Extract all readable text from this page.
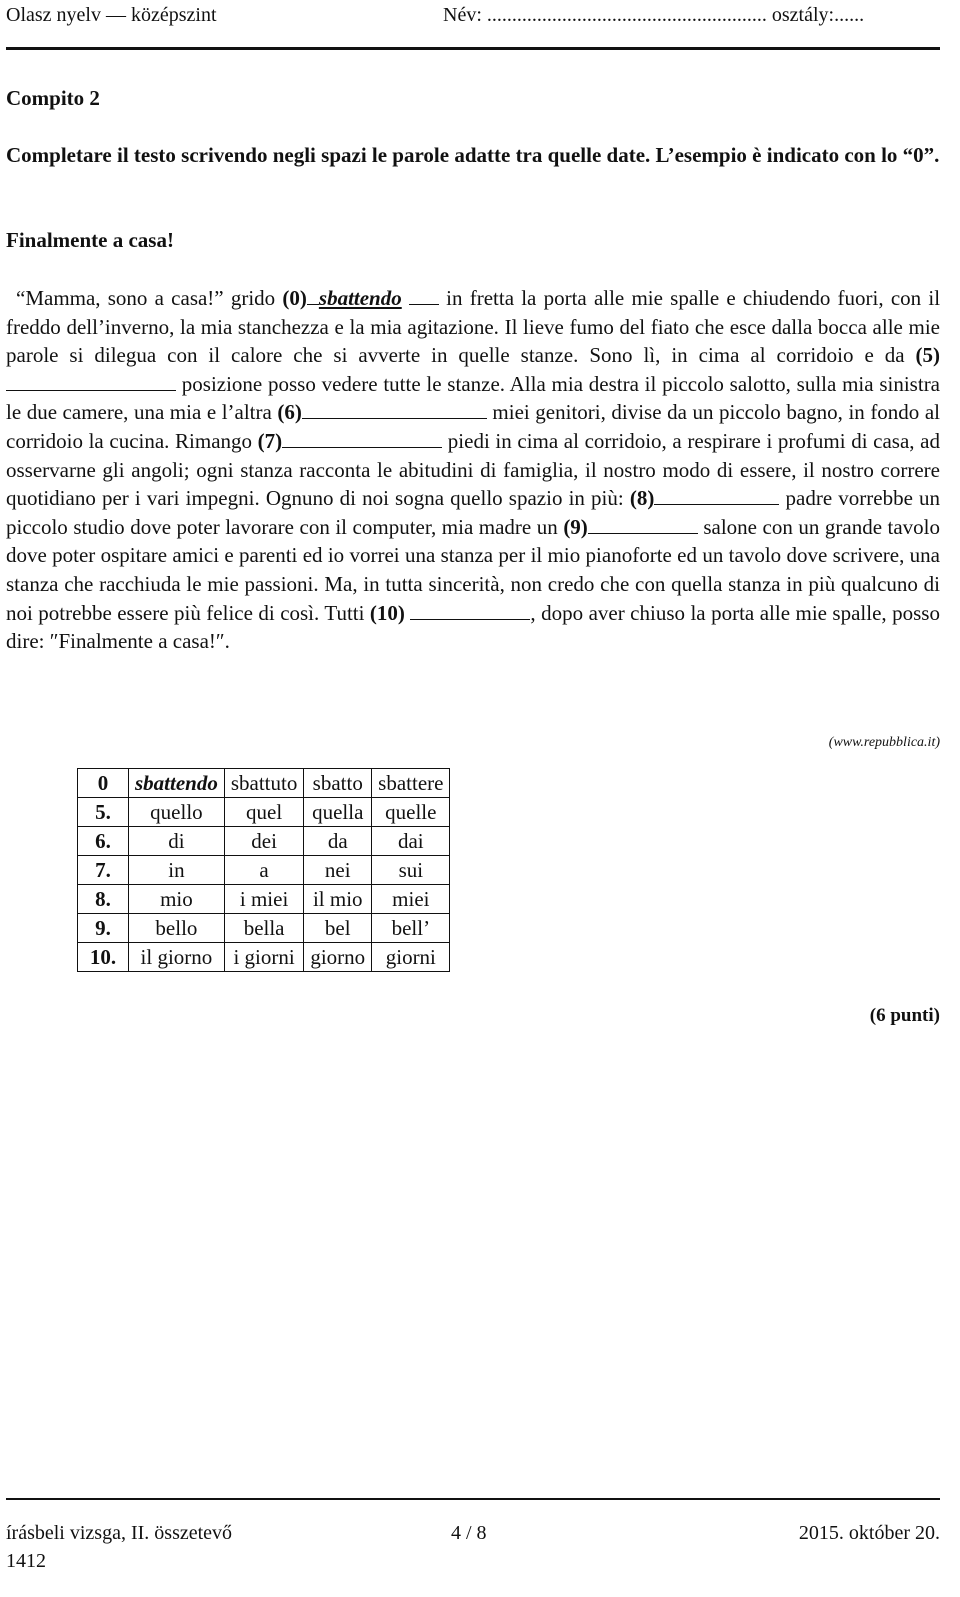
Olasz nyelv — középszint	Név: ........................................................ osztály:......
Compito 2
Completare il testo scrivendo negli spazi le parole adatte tra quelle date. L’esempio è indicato con lo “0”.
Finalmente a casa!

“Mamma, sono a casa!” grido (0) sbattendo in fretta la porta alle mie spalle e chiudendo fuori, con il freddo dell’inverno, la mia stanchezza e la mia agitazione. Il lieve fumo del fiato che esce dalla bocca alle mie parole si dilegua con il calore che si avverte in quelle stanze. Sono lì, in cima al corridoio e da (5) posizione posso vedere tutte le stanze. Alla mia destra il piccolo salotto, sulla mia sinistra le due camere, una mia e l’altra (6)	miei genitori, divise da un piccolo bagno, in fondo al corridoio la cucina. Rimango (7)	piedi in cima al corridoio, a respirare i profumi di casa, ad osservarne gli angoli; ogni stanza racconta le abitudini di famiglia, il nostro modo di essere, il nostro correre quotidiano per i vari impegni. Ognuno di noi sogna quello spazio in più: (8)	padre vorrebbe un piccolo studio dove poter lavorare con il computer, mia madre un (9)	salone con un grande tavolo dove poter ospitare amici e parenti ed io vorrei una stanza per il mio pianoforte ed un tavolo dove scrivere, una stanza che racchiuda le mie passioni. Ma, in tutta sincerità, non credo che con quella stanza in più qualcuno di noi potrebbe essere più felice di così. Tutti (10)	, dopo aver chiuso la porta alle mie spalle, posso dire: ″Finalmente a casa!″.

(www.repubblica.it)
0	sbattendo	sbattuto	sbatto	sbattere
5.	quello	quel	quella	quelle
6.	di	dei	da	dai
7.	in	a	nei	sui
8.	mio	i miei	il mio	miei
9.	bello	bella	bel	bell’
10.	il giorno	i giorni	giorno	giorni
(6 punti)
írásbeli vizsga, II. összetevő	4 / 8	2015. október 20.
1412
